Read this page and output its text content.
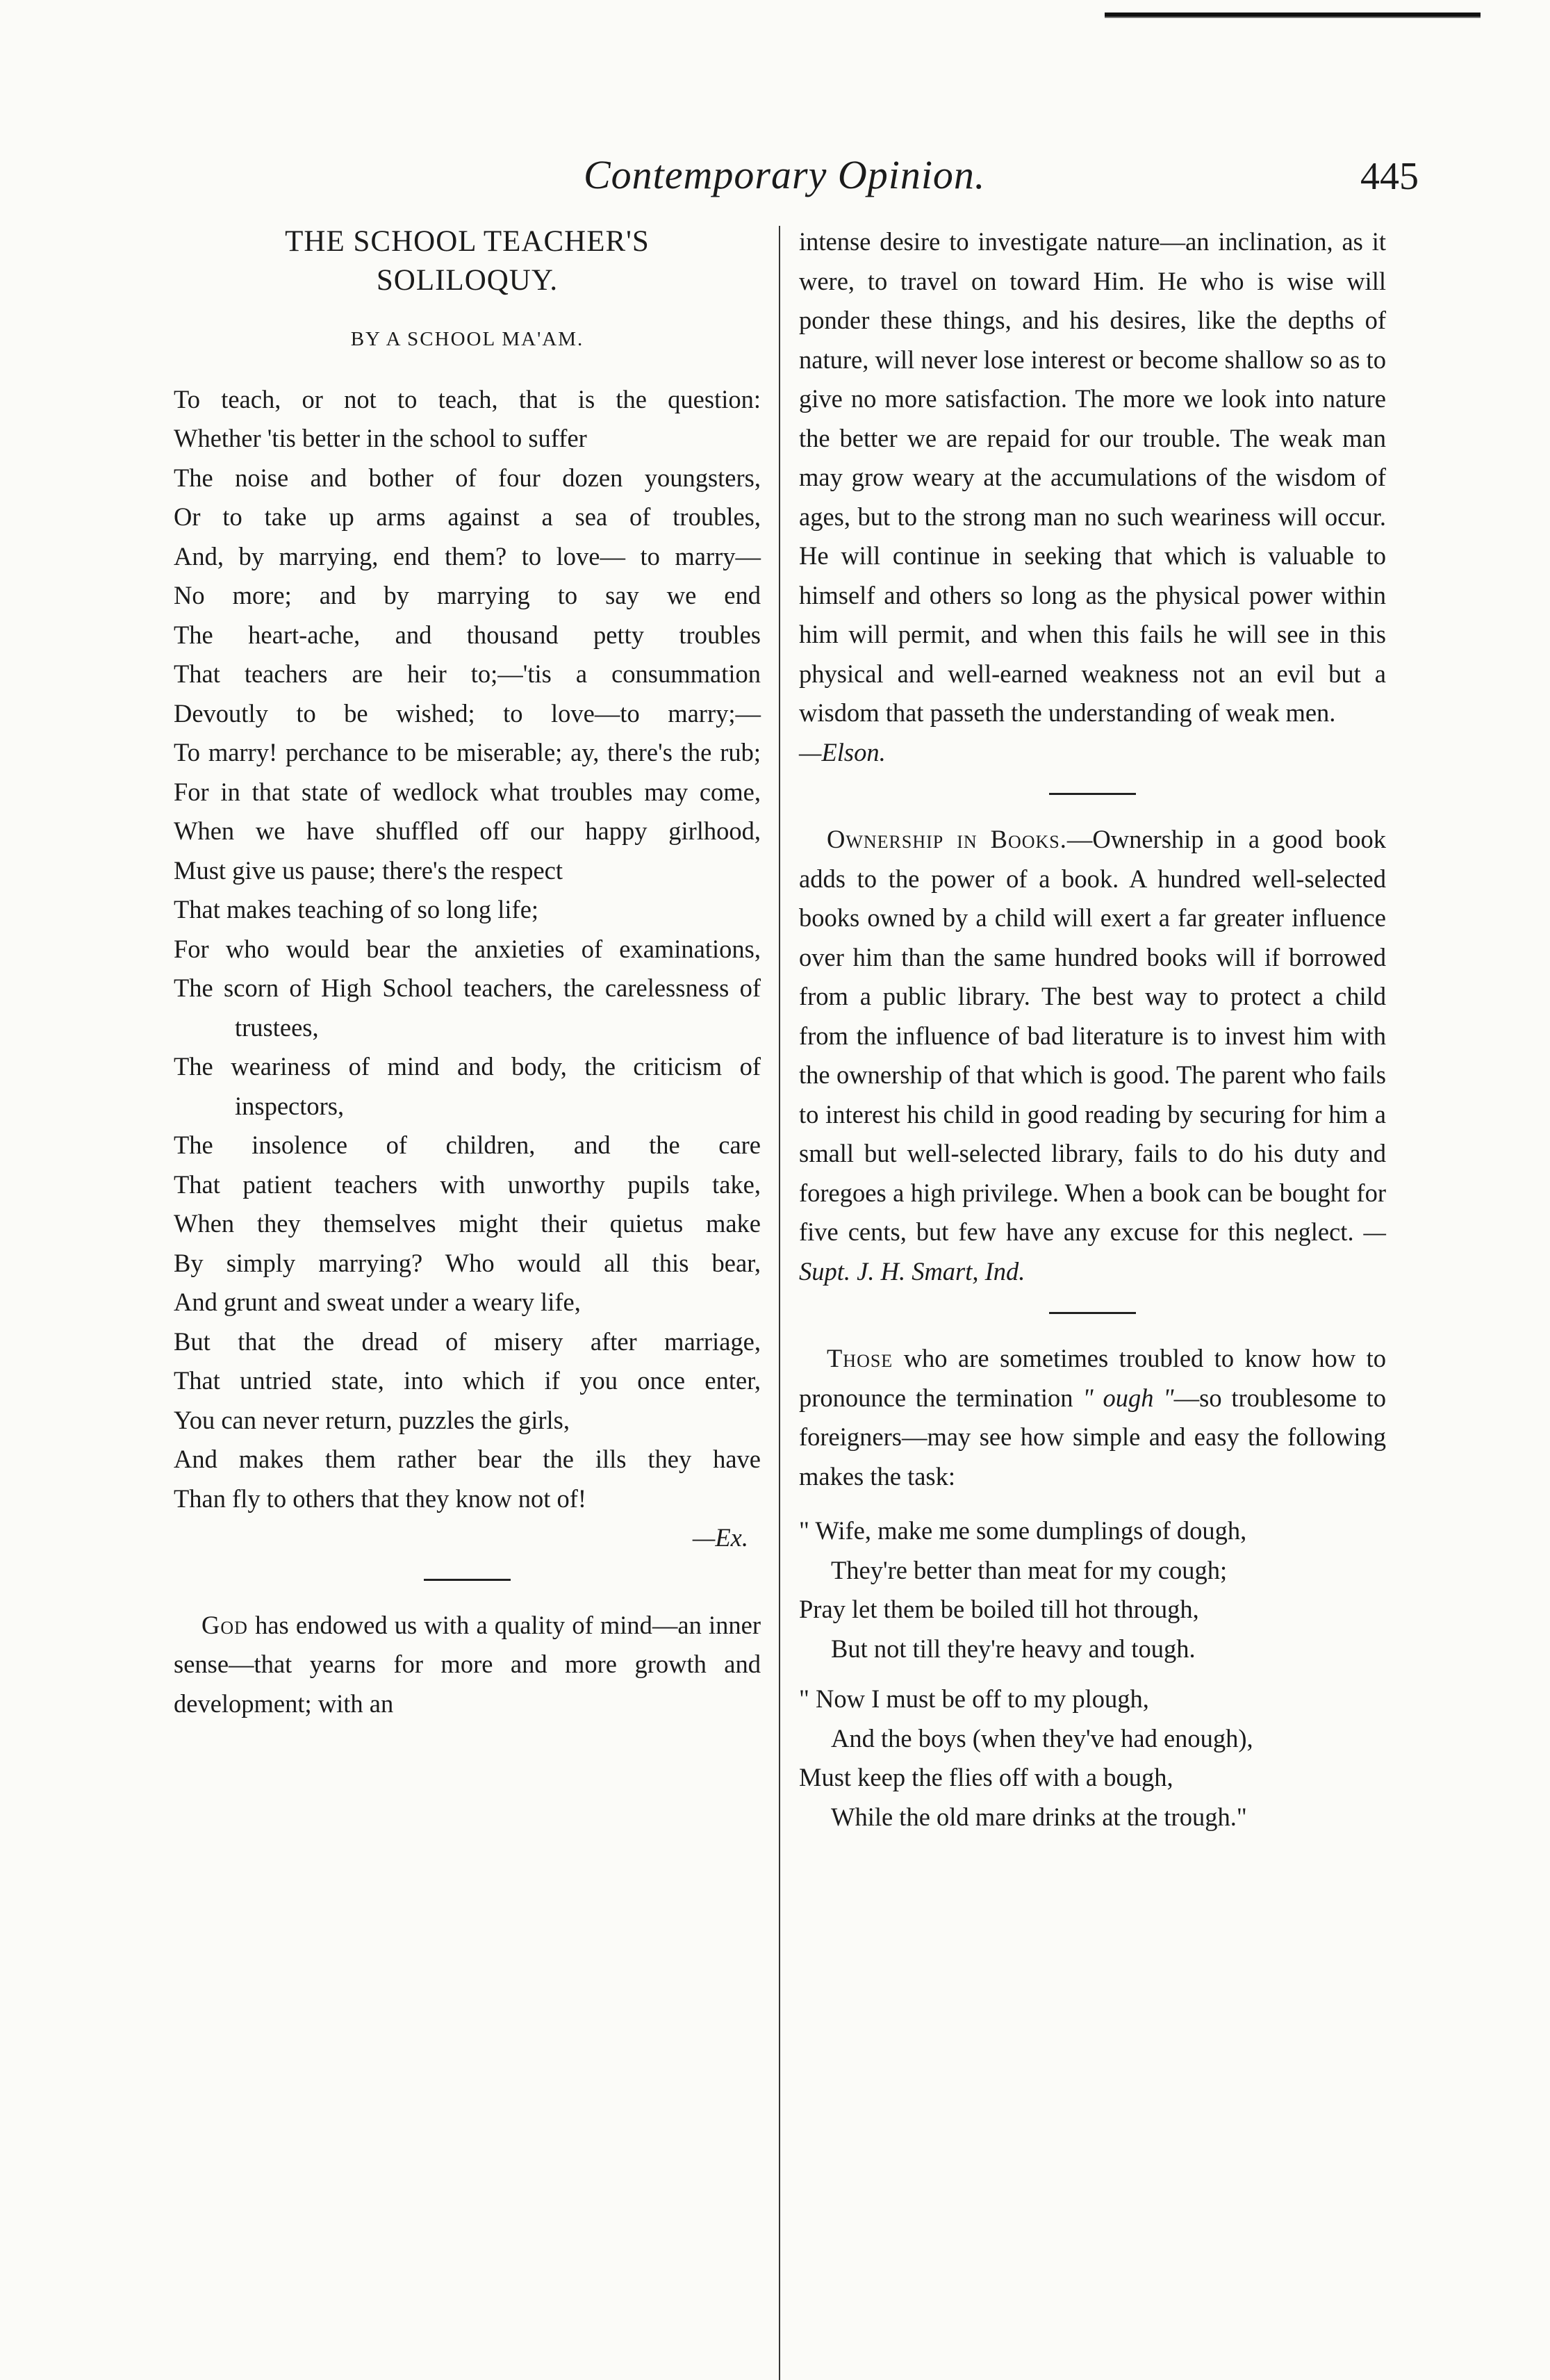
Contemporary Opinion.	445
THE SCHOOL TEACHER'S
SOLILOQUY.
BY A SCHOOL MA'AM.

To teach, or not to teach, that is the question:

Whether 'tis better in the school to suffer

The noise and bother of four dozen youngsters,

Or to take up arms against a sea of troubles,

And, by marrying, end them? to love— to marry—

No more; and by marrying to say we end

The heart-ache, and thousand petty troubles

That teachers are heir to;—'tis a consummation

Devoutly to be wished; to love—to marry;—

To marry! perchance to be miserable; ay, there's the rub;

For in that state of wedlock what troubles may come,

When we have shuffled off our happy girlhood,

Must give us pause; there's the respect

That makes teaching of so long life;

For who would bear the anxieties of examinations,

The scorn of High School teachers, the carelessness of trustees,

The weariness of mind and body, the criticism of inspectors,

The insolence of children, and the care

That patient teachers with unworthy pupils take,

When they themselves might their quietus make

By simply marrying? Who would all this bear,

And grunt and sweat under a weary life,

But that the dread of misery after marriage,

That untried state, into which if you once enter,

You can never return, puzzles the girls,

And makes them rather bear the ills they have

Than fly to others that they know not of!

—Ex.

God has endowed us with a quality of mind—an inner sense—that yearns for more and more growth and development; with an

intense desire to investigate nature—an inclination, as it were, to travel on toward Him. He who is wise will ponder these things, and his desires, like the depths of nature, will never lose interest or become shallow so as to give no more satisfaction. The more we look into nature the better we are repaid for our trouble. The weak man may grow weary at the accumulations of the wisdom of ages, but to the strong man no such weariness will occur. He will continue in seeking that which is valuable to himself and others so long as the physical power within him will permit, and when this fails he will see in this physical and well-earned weakness not an evil but a wisdom that passeth the understanding of weak men.

—Elson.

Ownership in Books.—Ownership in a good book adds to the power of a book. A hundred well-selected books owned by a child will exert a far greater influence over him than the same hundred books will if borrowed from a public library. The best way to protect a child from the influence of bad literature is to invest him with the ownership of that which is good. The parent who fails to interest his child in good reading by securing for him a small but well-selected library, fails to do his duty and foregoes a high privilege. When a book can be bought for five cents, but few have any excuse for this neglect. —Supt. J. H. Smart, Ind.

Those who are sometimes troubled to know how to pronounce the termination " ough "—so troublesome to foreigners—may see how simple and easy the following makes the task:

" Wife, make me some dumplings of dough,

They're better than meat for my cough;

Pray let them be boiled till hot through,

But not till they're heavy and tough.

" Now I must be off to my plough,

And the boys (when they've had enough),

Must keep the flies off with a bough,

While the old mare drinks at the trough."
